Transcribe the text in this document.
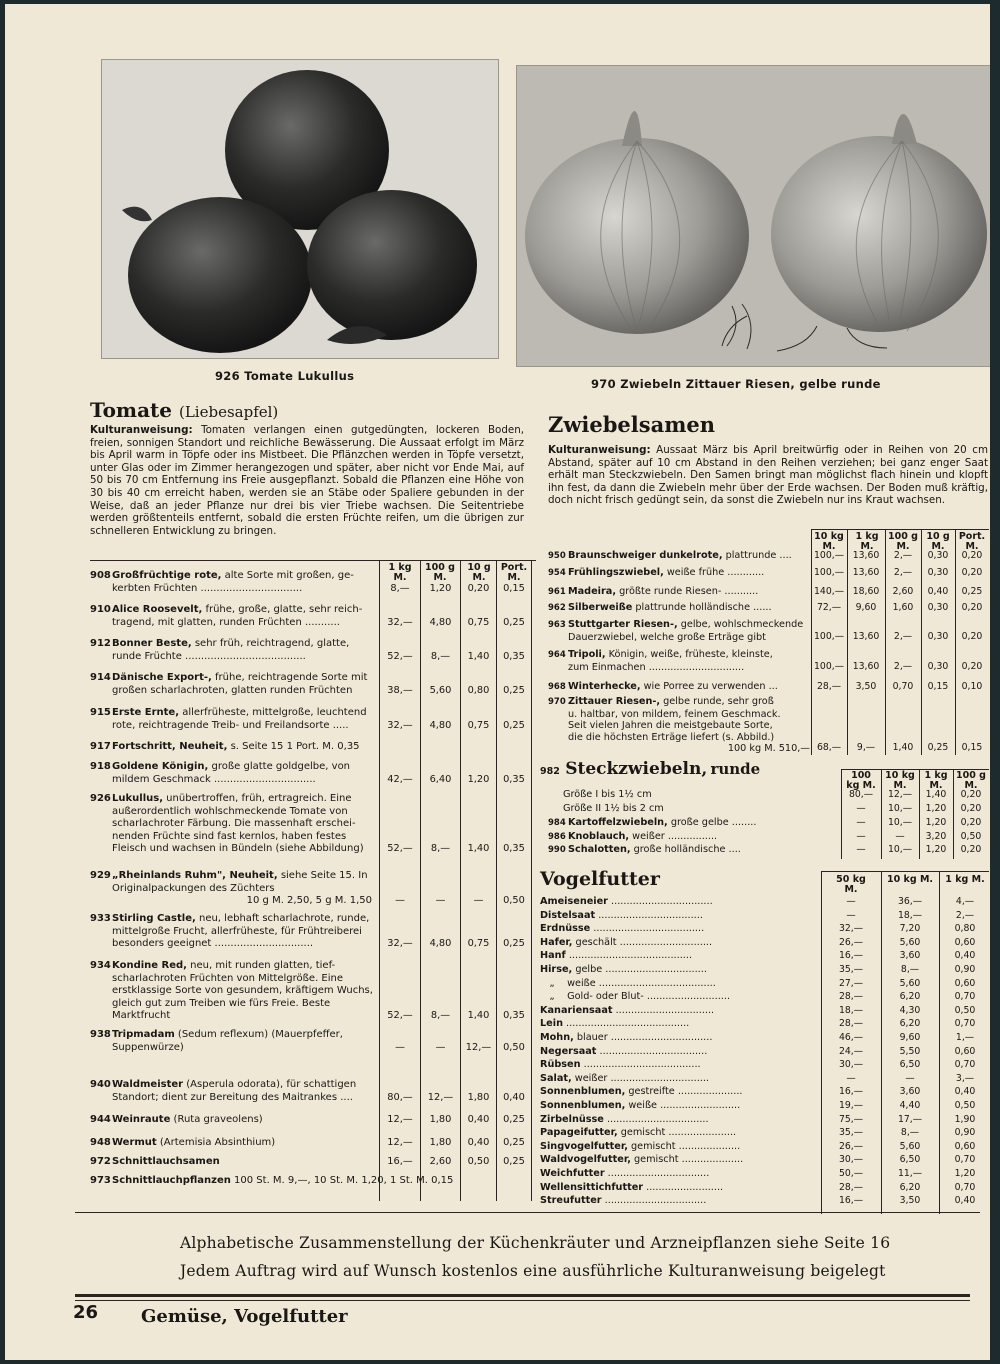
926 Tomate Lukullus
970 Zwiebeln Zittauer Riesen, gelbe runde
Tomate (Liebesapfel)
Kulturanweisung: Tomaten verlangen einen gutgedüngten, lockeren Boden, freien, sonnigen Standort und reichliche Bewässerung. Die Aussaat erfolgt im März bis April warm in Töpfe oder ins Mistbeet. Die Pflänzchen werden in Töpfe versetzt, unter Glas oder im Zimmer herangezogen und später, aber nicht vor Ende Mai, auf 50 bis 70 cm Entfernung ins Freie ausgepflanzt. Sobald die Pflanzen eine Höhe von 30 bis 40 cm erreicht haben, werden sie an Stäbe oder Spaliere gebunden in der Weise, daß an jeder Pflanze nur drei bis vier Triebe wachsen. Die Seitentriebe werden größtenteils entfernt, sobald die ersten Früchte reifen, um die übrigen zur schnelleren Entwicklung zu bringen.
1 kg M.
100 g M.
10 g M.
Port. M.
908Großfrüchtige rote, alte Sorte mit großen, ge-
kerbten Früchten ................................	8,—	1,20	0,20	0,15
910Alice Roosevelt, frühe, große, glatte, sehr reich-
tragend, mit glatten, runden Früchten ...........	32,—	4,80	0,75	0,25
912Bonner Beste, sehr früh, reichtragend, glatte,
runde Früchte ......................................	52,—	8,—	1,40	0,35
914Dänische Export-, frühe, reichtragende Sorte mit
großen scharlachroten, glatten runden Früchten	38,—	5,60	0,80	0,25
915Erste Ernte, allerfrüheste, mittelgroße, leuchtend
rote, reichtragende Treib- und Freilandsorte .....	32,—	4,80	0,75	0,25
917Fortschritt, Neuheit, s. Seite 15 1 Port. M. 0,35
918Goldene Königin, große glatte goldgelbe, von
mildem Geschmack ................................	42,—	6,40	1,20	0,35
926Lukullus, unübertroffen, früh, ertragreich. Eine
außerordentlich wohlschmeckende Tomate von
scharlachroter Färbung. Die massenhaft erschei-
nenden Früchte sind fast kernlos, haben festes
Fleisch und wachsen in Bündeln (siehe Abbildung)	52,—	8,—	1,40	0,35
929„Rheinlands Ruhm", Neuheit, siehe Seite 15. In
Originalpackungen des Züchters
10 g M. 2,50, 5 g M. 1,50	—	—	—	0,50
933Stirling Castle, neu, lebhaft scharlachrote, runde,
mittelgroße Frucht, allerfrüheste, für Frühtreiberei
besonders geeignet ...............................	32,—	4,80	0,75	0,25
934Kondine Red, neu, mit runden glatten, tief-
scharlachroten Früchten von Mittelgröße. Eine
erstklassige Sorte von gesundem, kräftigem Wuchs,
gleich gut zum Treiben wie fürs Freie. Beste
Marktfrucht	52,—	8,—	1,40	0,35
938Tripmadam (Sedum reflexum) (Mauerpfeffer,
Suppenwürze)	—	—	12,—	0,50
940Waldmeister (Asperula odorata), für schattigen
Standort; dient zur Bereitung des Maitrankes ....	80,—	12,—	1,80	0,40
944Weinraute (Ruta graveolens)	12,—	1,80	0,40	0,25
948Wermut (Artemisia Absinthium)	12,—	1,80	0,40	0,25
972Schnittlauchsamen	16,—	2,60	0,50	0,25
973Schnittlauchpflanzen 100 St. M. 9,—, 10 St. M. 1,20, 1 St. M. 0,15
Zwiebelsamen
Kulturanweisung: Aussaat März bis April breitwürfig oder in Reihen von 20 cm Abstand, später auf 10 cm Abstand in den Reihen verziehen; bei ganz enger Saat erhält man Steckzwiebeln. Den Samen bringt man möglichst flach hinein und klopft ihn fest, da dann die Zwiebeln mehr über der Erde wachsen. Der Boden muß kräftig, doch nicht frisch gedüngt sein, da sonst die Zwiebeln nur ins Kraut wachsen.
10 kg M.
1 kg M.
100 g M.
10 g M.
Port. M.
950 Braunschweiger dunkelrote, plattrunde ....	100,— 13,60	2,—	0,30	0,20
954 Frühlingszwiebel, weiße frühe ............	100,— 13,60	2,—	0,30	0,20
961 Madeira, größte runde Riesen- ...........	140,— 18,60	2,60	0,40	0,25
962 Silberweiße plattrunde holländische ......	72,—	9,60	1,60	0,30	0,20
963 Stuttgarter Riesen-, gelbe, wohlschmeckende
Dauerzwiebel, welche große Erträge gibt	100,— 13,60	2,—	0,30	0,20
964 Tripoli, Königin, weiße, früheste, kleinste,
zum Einmachen ...............................	100,— 13,60	2,—	0,30	0,20
968 Winterhecke, wie Porree zu verwenden ...	28,—	3,50	0,70	0,15	0,10
970 Zittauer Riesen-, gelbe runde, sehr groß
u. haltbar, von mildem, feinem Geschmack.
Seit vielen Jahren die meistgebaute Sorte,
die die höchsten Erträge liefert (s. Abbild.)
100 kg M. 510,— 68,—	9,—	1,40	0,25	0,15
982 Steckzwiebeln, runde	100 kg M.
10 kg M.
1 kg M.
100 g M.
Größe I bis 1½ cm	80,—	12,—	1,40	0,20
Größe II 1½ bis 2 cm	—	10,—	1,20	0,20
984 Kartoffelzwiebeln, große gelbe ........	—	10,—	1,20	0,20
986 Knoblauch, weißer ................	—	—	3,20	0,50
990 Schalotten, große holländische ....	—	10,—	1,20	0,20
Vogelfutter	50 kg M.
10 kg M. 1 kg M.
Ameiseneier .................................	—	36,—	4,—
Distelsaat ..................................	—	18,—	2,—
Erdnüsse ....................................	32,—	7,20	0,80
Hafer, geschält ..............................	26,—	5,60	0,60
Hanf ........................................	16,—	3,60	0,40
Hirse, gelbe .................................	35,—	8,—	0,90
„ weiße ......................................	27,—	5,60	0,60
„ Gold- oder Blut- ...........................	28,—	6,20	0,70
Kanariensaat ................................	18,—	4,30	0,50
Lein ........................................	28,—	6,20	0,70
Mohn, blauer .................................	46,—	9,60	1,—
Negersaat ...................................	24,—	5,50	0,60
Rübsen ......................................	30,—	6,50	0,70
Salat, weißer ................................	—	—	3,—
Sonnenblumen, gestreifte .....................	16,—	3,60	0,40
Sonnenblumen, weiße ..........................	19,—	4,40	0,50
Zirbelnüsse .................................	75,—	17,—	1,90
Papageifutter, gemischt ......................	35,—	8,—	0,90
Singvogelfutter, gemischt ....................	26,—	5,60	0,60
Waldvogelfutter, gemischt ....................	30,—	6,50	0,70
Weichfutter .................................	50,—	11,—	1,20
Wellensittichfutter .........................	28,—	6,20	0,70
Streufutter .................................	16,—	3,50	0,40
Alphabetische Zusammenstellung der Küchenkräuter und Arzneipflanzen siehe Seite 16
Jedem Auftrag wird auf Wunsch kostenlos eine ausführliche Kulturanweisung beigelegt
26 Gemüse, Vogelfutter
